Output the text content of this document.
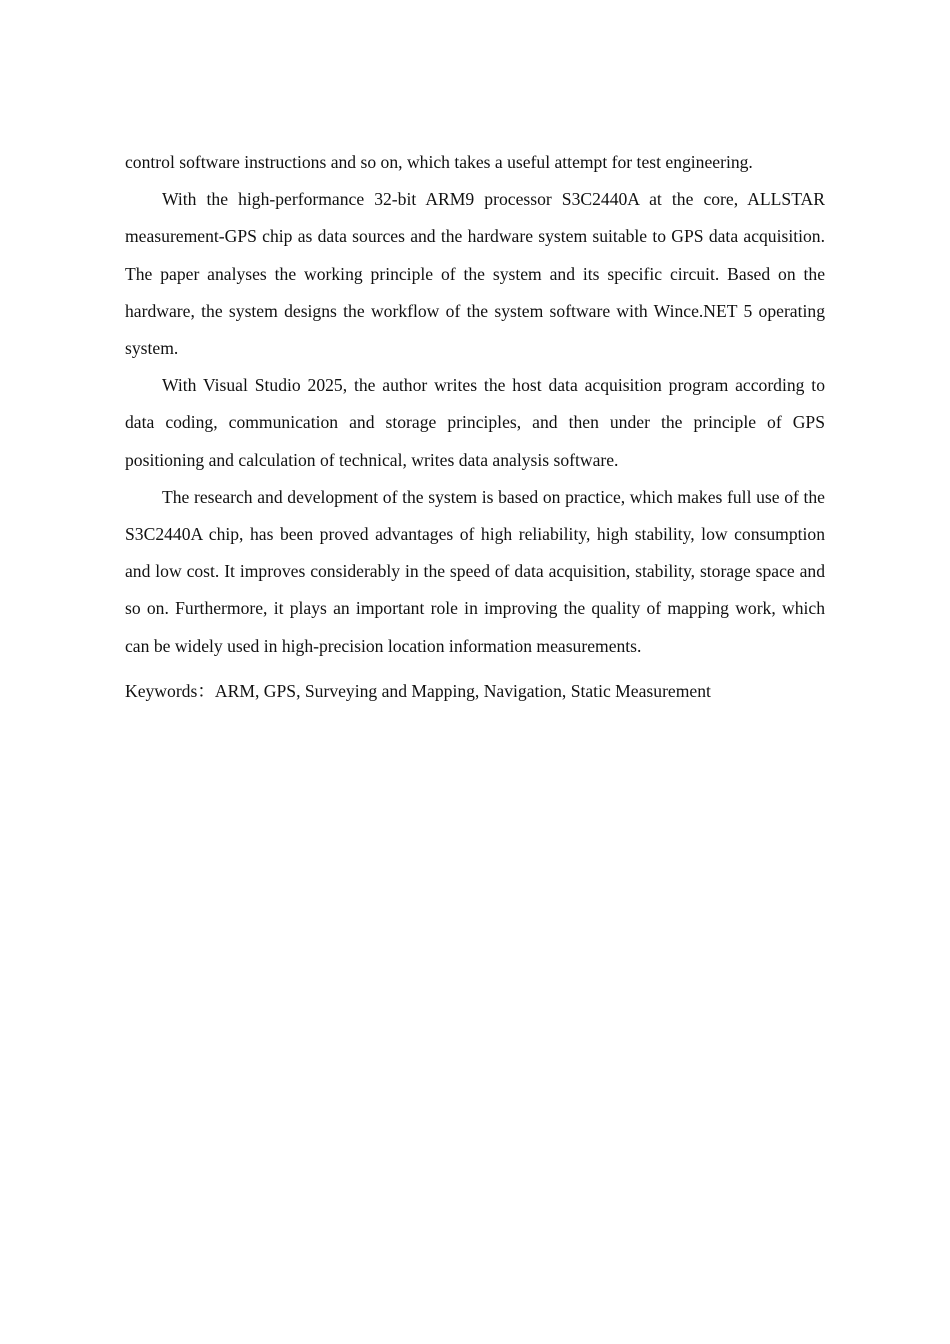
control software instructions and so on, which takes a useful attempt for test engineering.

With the high-performance 32-bit ARM9 processor S3C2440A at the core, ALLSTAR measurement-GPS chip as data sources and the hardware system suitable to GPS data acquisition. The paper analyses the working principle of the system and its specific circuit. Based on the hardware, the system designs the workflow of the system software with Wince.NET 5 operating system.

With Visual Studio 2025, the author writes the host data acquisition program according to data coding, communication and storage principles, and then under the principle of GPS positioning and calculation of technical, writes data analysis software.

The research and development of the system is based on practice, which makes full use of the S3C2440A chip, has been proved advantages of high reliability, high stability, low consumption and low cost. It improves considerably in the speed of data acquisition, stability, storage space and so on. Furthermore, it plays an important role in improving the quality of mapping work, which can be widely used in high-precision location information measurements.

Keywords：ARM, GPS, Surveying and Mapping, Navigation, Static Measurement
